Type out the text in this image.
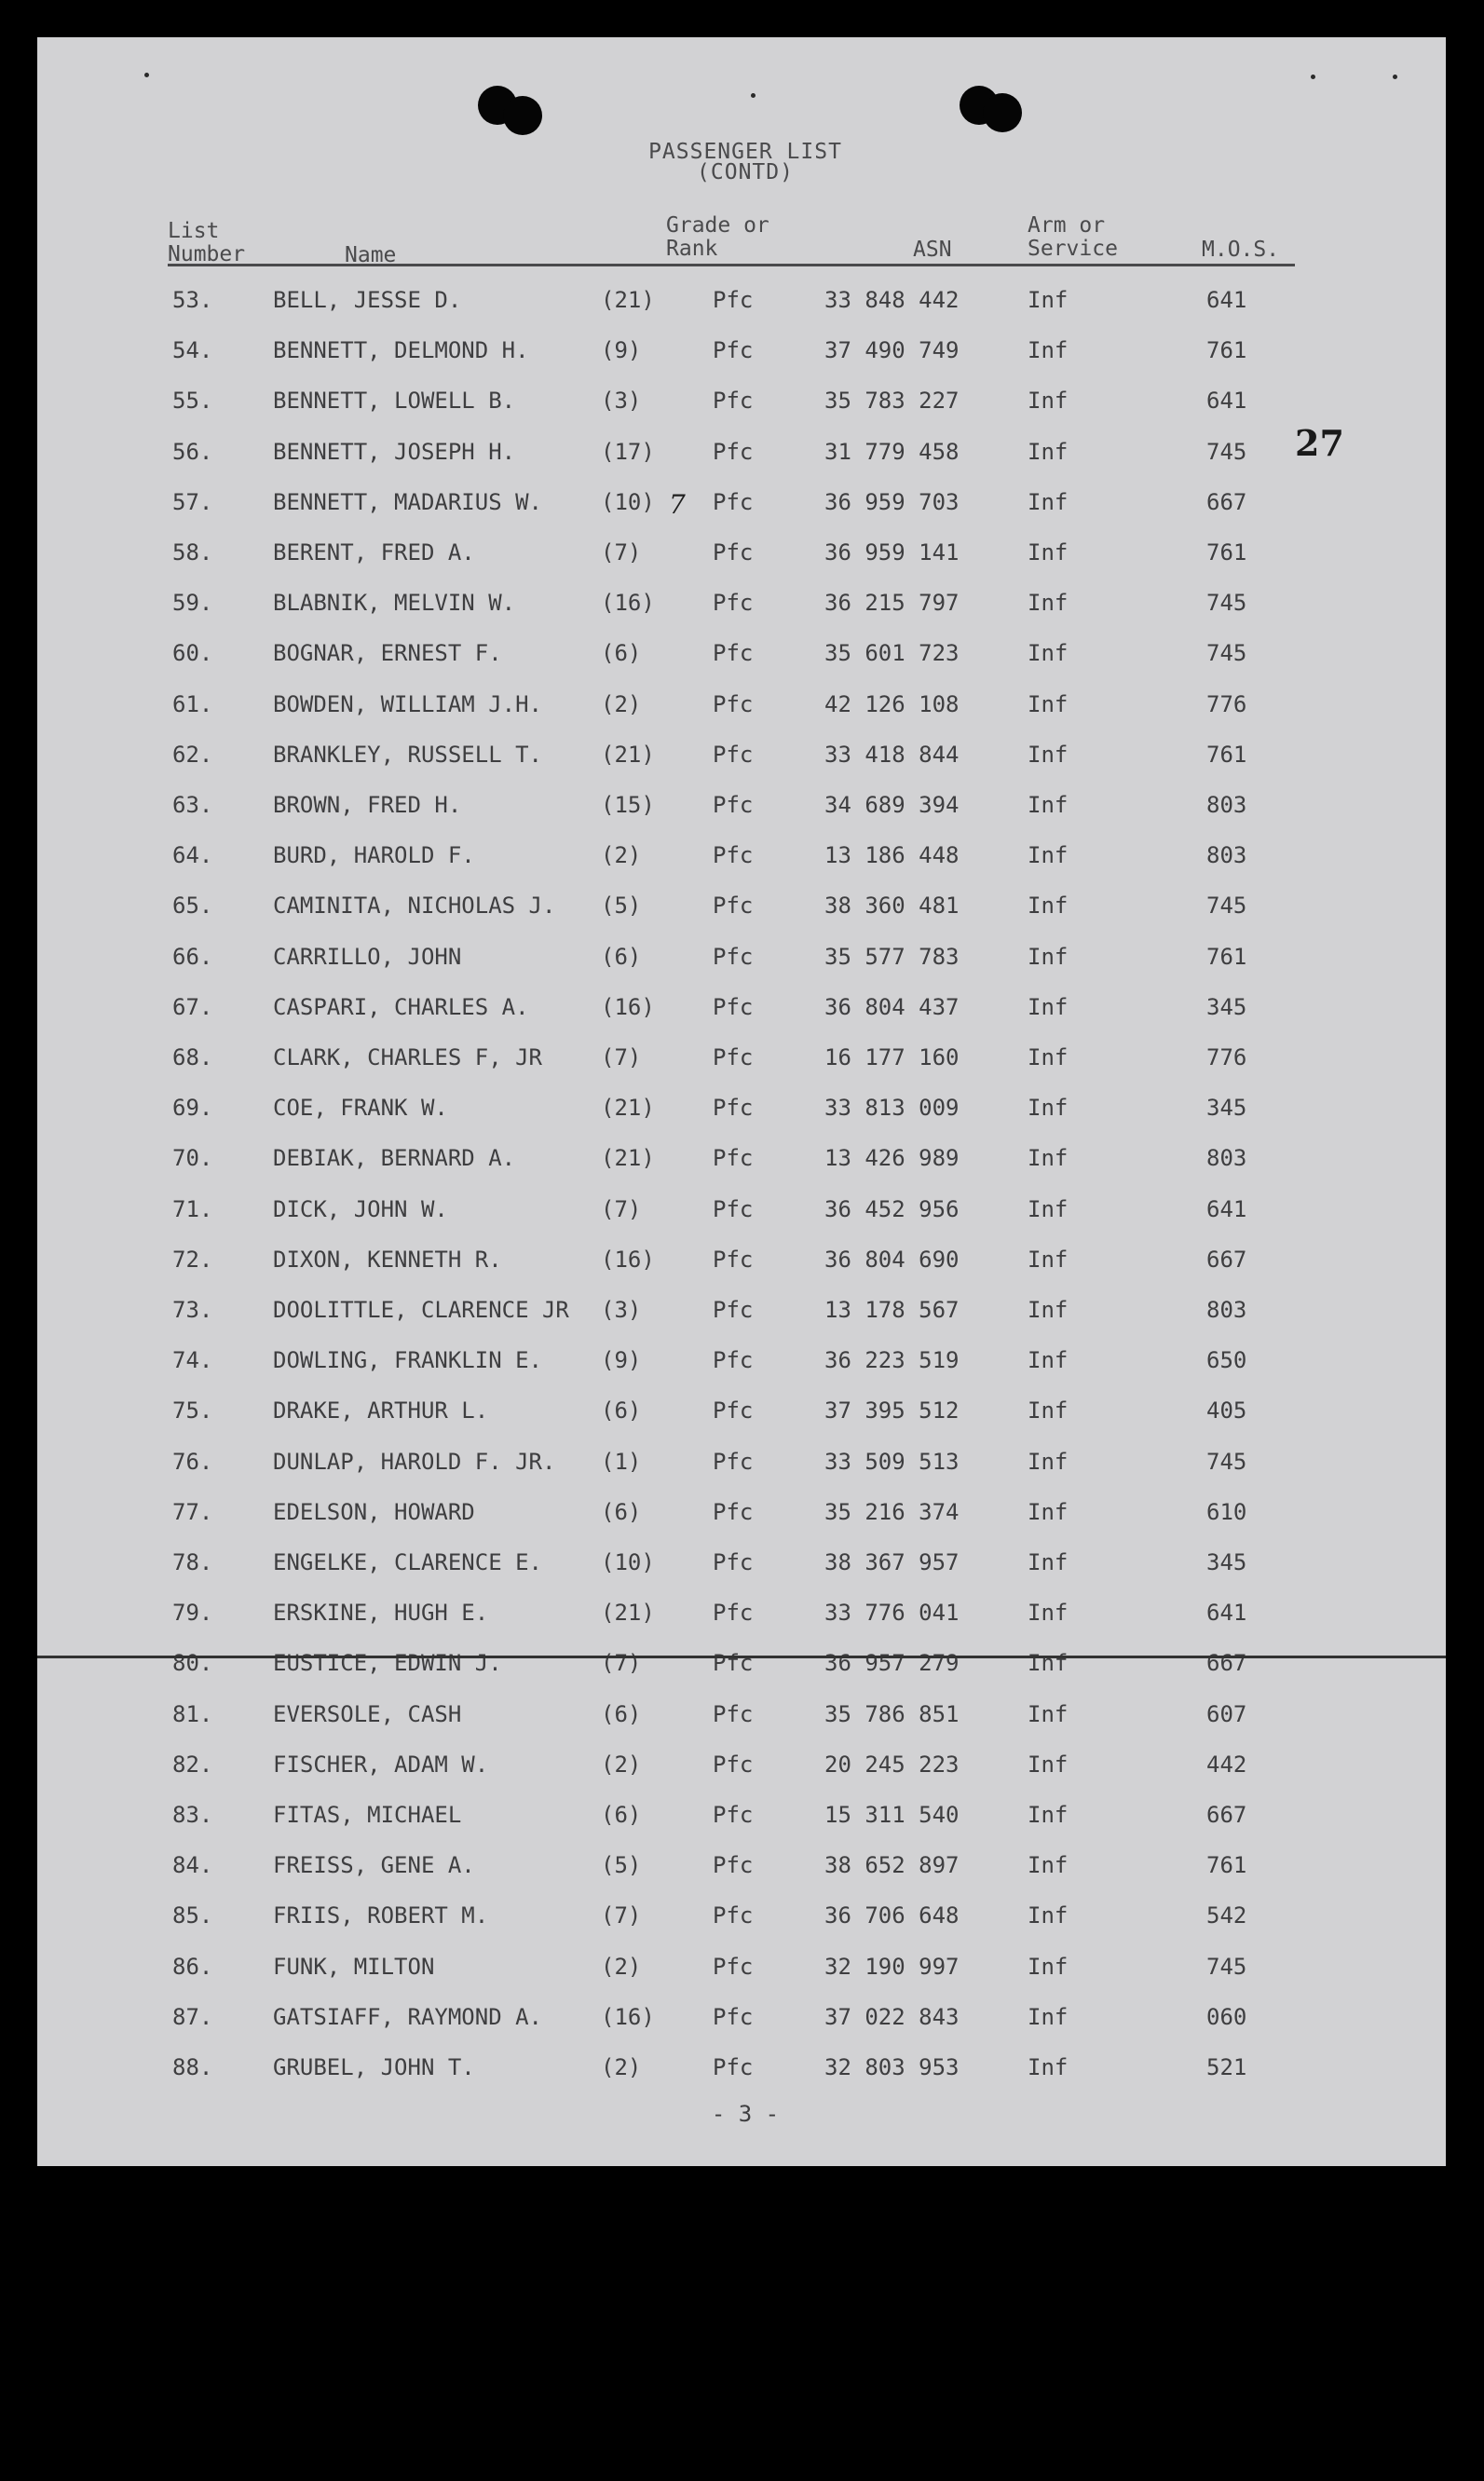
PASSENGER LIST
(CONTD)
List
Number	Name
Grade or
Rank	ASN
Arm or
Service	M.O.S.
53.	BELL, JESSE D.	(21)	Pfc	33 848 442	Inf	641
54.	BENNETT, DELMOND H.	(9)	Pfc	37 490 749	Inf	761
55.	BENNETT, LOWELL B.	(3)	Pfc	35 783 227	Inf	641
56.	BENNETT, JOSEPH H.	(17)	Pfc	31 779 458	Inf	745
57.	BENNETT, MADARIUS W.	(10)	Pfc	36 959 703	Inf	667
7
58.	BERENT, FRED A.	(7)	Pfc	36 959 141	Inf	761
59.	BLABNIK, MELVIN W.	(16)	Pfc	36 215 797	Inf	745
60.	BOGNAR, ERNEST F.	(6)	Pfc	35 601 723	Inf	745
61.	BOWDEN, WILLIAM J.H.	(2)	Pfc	42 126 108	Inf	776
62.	BRANKLEY, RUSSELL T.	(21)	Pfc	33 418 844	Inf	761
63.	BROWN, FRED H.	(15)	Pfc	34 689 394	Inf	803
64.	BURD, HAROLD F.	(2)	Pfc	13 186 448	Inf	803
65.	CAMINITA, NICHOLAS J. (5)	Pfc	38 360 481	Inf	745
66.	CARRILLO, JOHN	(6)	Pfc	35 577 783	Inf	761
67.	CASPARI, CHARLES A.	(16)	Pfc	36 804 437	Inf	345
68.	CLARK, CHARLES F, JR	(7)	Pfc	16 177 160	Inf	776
69.	COE, FRANK W.	(21)	Pfc	33 813 009	Inf	345
70.	DEBIAK, BERNARD A.	(21)	Pfc	13 426 989	Inf	803
71.	DICK, JOHN W.	(7)	Pfc	36 452 956	Inf	641
72.	DIXON, KENNETH R.	(16)	Pfc	36 804 690	Inf	667
73.	DOOLITTLE, CLARENCE JR (3)	Pfc	13 178 567	Inf	803
74.	DOWLING, FRANKLIN E.	(9)	Pfc	36 223 519	Inf	650
75.	DRAKE, ARTHUR L.	(6)	Pfc	37 395 512	Inf	405
76.	DUNLAP, HAROLD F. JR. (1)	Pfc	33 509 513	Inf	745
77.	EDELSON, HOWARD	(6)	Pfc	35 216 374	Inf	610
78.	ENGELKE, CLARENCE E.	(10)	Pfc	38 367 957	Inf	345
79.	ERSKINE, HUGH E.	(21)	Pfc	33 776 041	Inf	641
80.	EUSTICE, EDWIN J.	(7)	Pfc	36 957 279	Inf	667
81.	EVERSOLE, CASH	(6)	Pfc	35 786 851	Inf	607
82.	FISCHER, ADAM W.	(2)	Pfc	20 245 223	Inf	442
83.	FITAS, MICHAEL	(6)	Pfc	15 311 540	Inf	667
84.	FREISS, GENE A.	(5)	Pfc	38 652 897	Inf	761
85.	FRIIS, ROBERT M.	(7)	Pfc	36 706 648	Inf	542
86.	FUNK, MILTON	(2)	Pfc	32 190 997	Inf	745
87.	GATSIAFF, RAYMOND A.	(16)	Pfc	37 022 843	Inf	060
88.	GRUBEL, JOHN T.	(2)	Pfc	32 803 953	Inf	521
27
- 3 -
